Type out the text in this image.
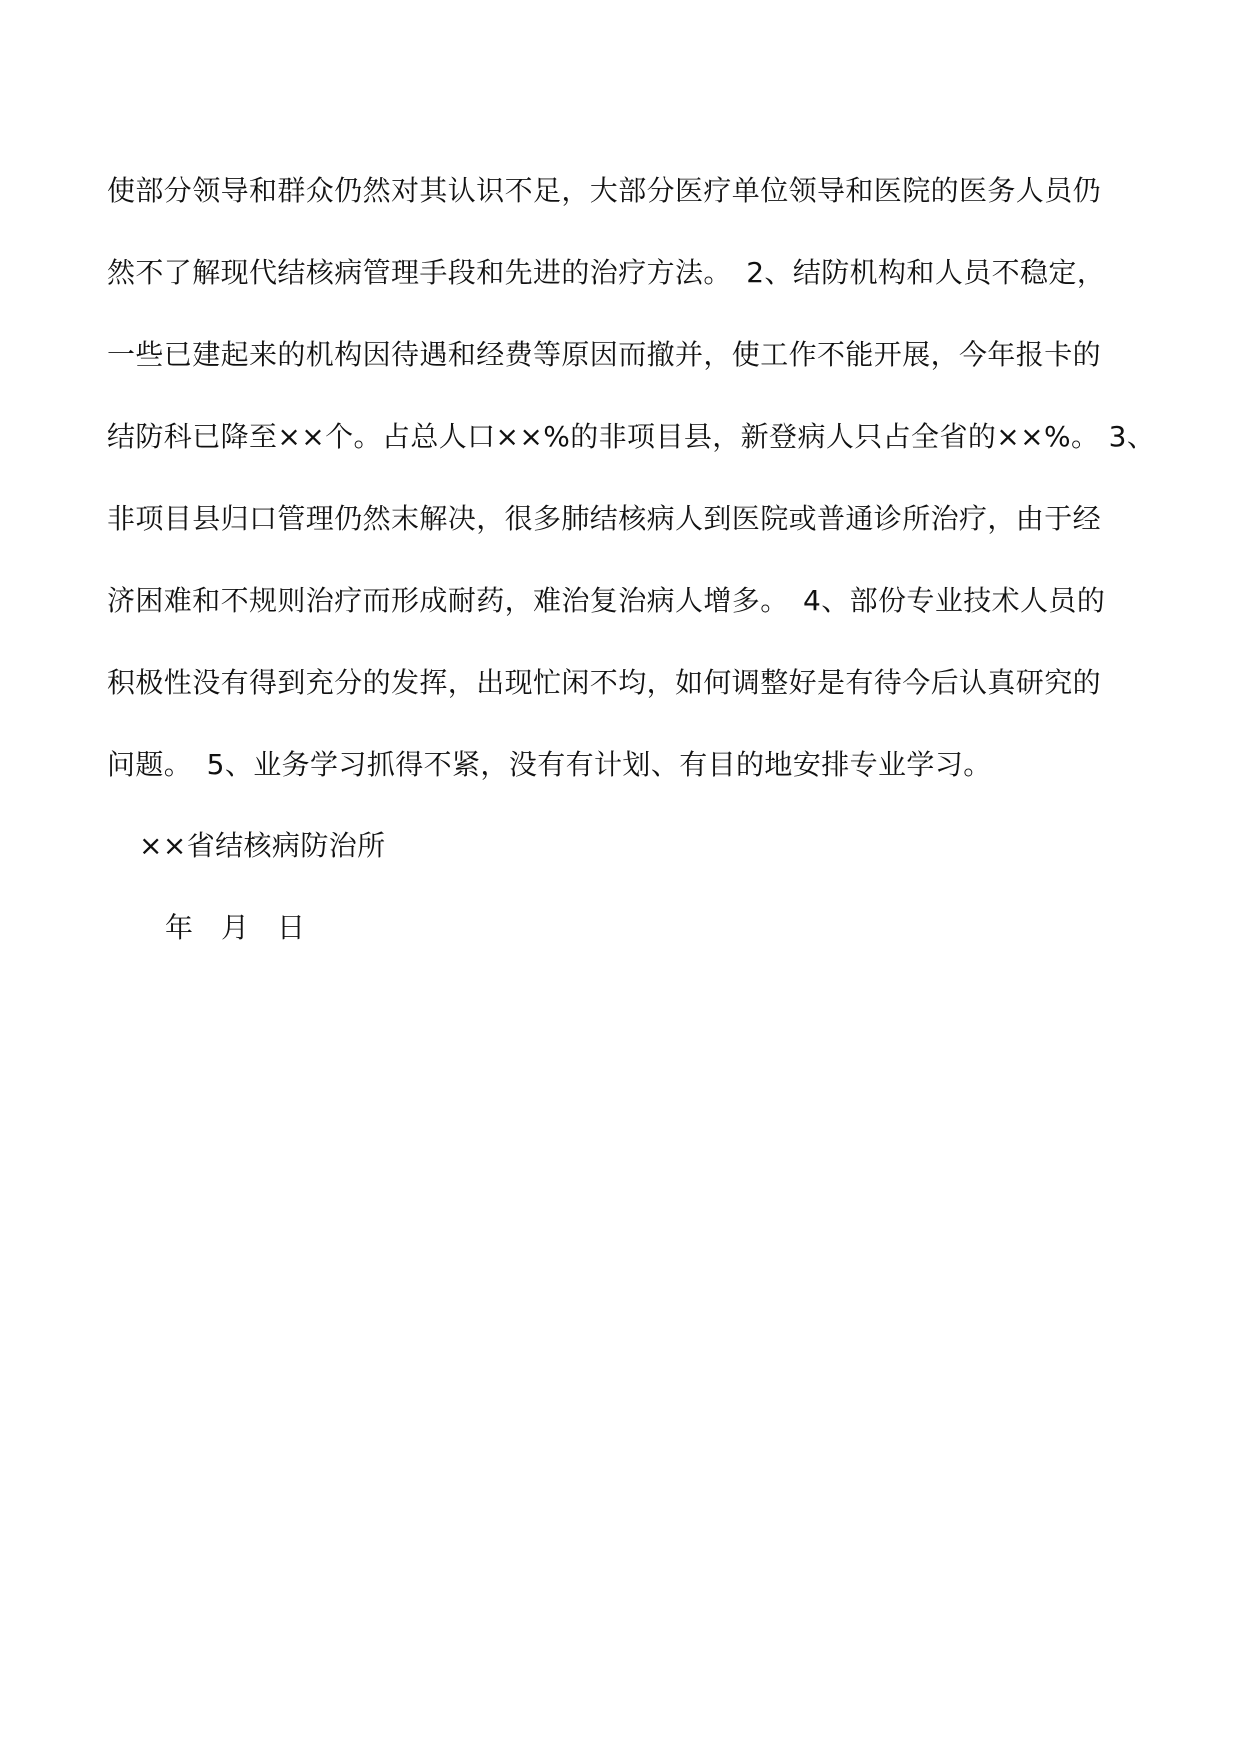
使部分领导和群众仍然对其认识不足，大部分医疗单位领导和医院的医务人员仍
然不了解现代结核病管理手段和先进的治疗方法。　2、结防机构和人员不稳定，
一些已建起来的机构因待遇和经费等原因而撤并，使工作不能开展，今年报卡的
结防科已降至××个。占总人口××%的非项目县，新登病人只占全省的××%。 3、
非项目县归口管理仍然末解决，很多肺结核病人到医院或普通诊所治疗，由于经
济困难和不规则治疗而形成耐药，难治复治病人增多。　4、部份专业技术人员的
积极性没有得到充分的发挥，出现忙闲不均，如何调整好是有待今后认真研究的
问题。　5、业务学习抓得不紧，没有有计划、有目的地安排专业学习。
××省结核病防治所
年　月　日
